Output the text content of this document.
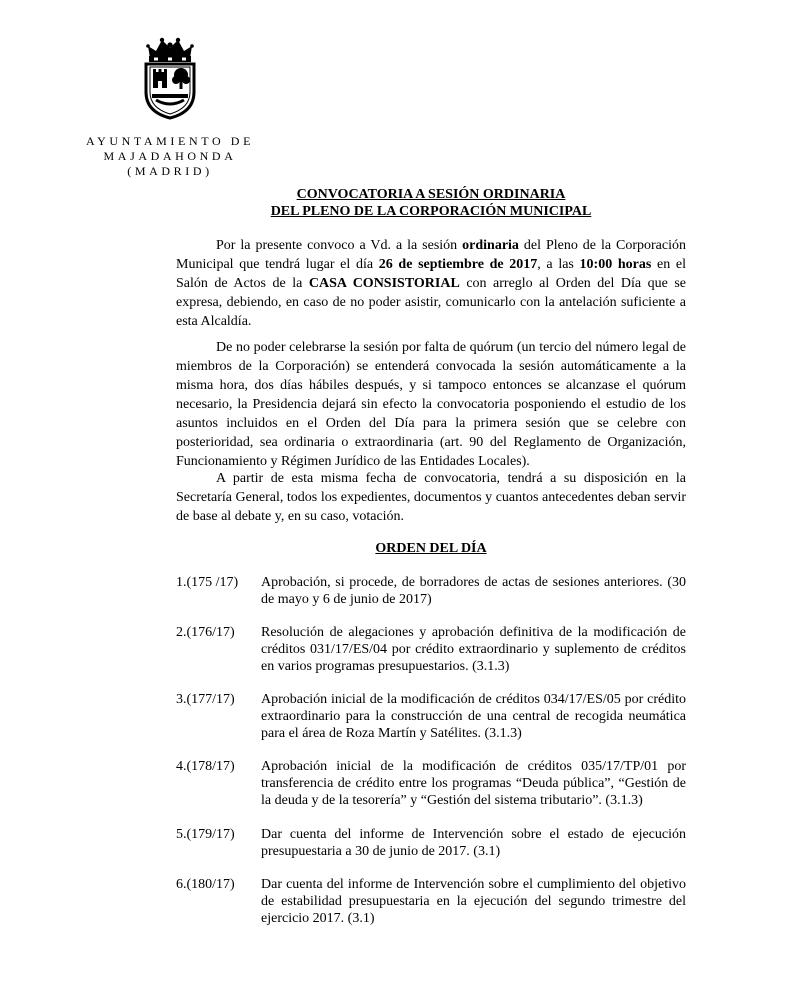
AYUNTAMIENTO DE
MAJADAHONDA
(MADRID)
CONVOCATORIA A SESIÓN ORDINARIA
DEL PLENO DE LA CORPORACIÓN MUNICIPAL

Por la presente convoco a Vd. a la sesión ordinaria del Pleno de la Corporación Municipal que tendrá lugar el día 26 de septiembre de 2017, a las 10:00 horas en el Salón de Actos de la CASA CONSISTORIAL con arreglo al Orden del Día que se expresa, debiendo, en caso de no poder asistir, comunicarlo con la antelación suficiente a esta Alcaldía.

De no poder celebrarse la sesión por falta de quórum (un tercio del número legal de miembros de la Corporación) se entenderá convocada la sesión automáticamente a la misma hora, dos días hábiles después, y si tampoco entonces se alcanzase el quórum necesario, la Presidencia dejará sin efecto la convocatoria posponiendo el estudio de los asuntos incluidos en el Orden del Día para la primera sesión que se celebre con posterioridad, sea ordinaria o extraordinaria (art. 90 del Reglamento de Organización, Funcionamiento y Régimen Jurídico de las Entidades Locales).

A partir de esta misma fecha de convocatoria, tendrá a su disposición en la Secretaría General, todos los expedientes, documentos y cuantos antecedentes deban servir de base al debate y, en su caso, votación.

ORDEN DEL DÍA
1.(175 /17) Aprobación, si procede, de borradores de actas de sesiones anteriores. (30 de mayo y 6 de junio de 2017)
2.(176/17) Resolución de alegaciones y aprobación definitiva de la modificación de créditos 031/17/ES/04 por crédito extraordinario y suplemento de créditos en varios programas presupuestarios. (3.1.3)
3.(177/17) Aprobación inicial de la modificación de créditos 034/17/ES/05 por crédito extraordinario para la construcción de una central de recogida neumática para el área de Roza Martín y Satélites. (3.1.3)
4.(178/17) Aprobación inicial de la modificación de créditos 035/17/TP/01 por transferencia de crédito entre los programas “Deuda pública”, “Gestión de la deuda y de la tesorería” y “Gestión del sistema tributario”. (3.1.3)
5.(179/17) Dar cuenta del informe de Intervención sobre el estado de ejecución presupuestaria a 30 de junio de 2017. (3.1)
6.(180/17) Dar cuenta del informe de Intervención sobre el cumplimiento del objetivo de estabilidad presupuestaria en la ejecución del segundo trimestre del ejercicio 2017. (3.1)
